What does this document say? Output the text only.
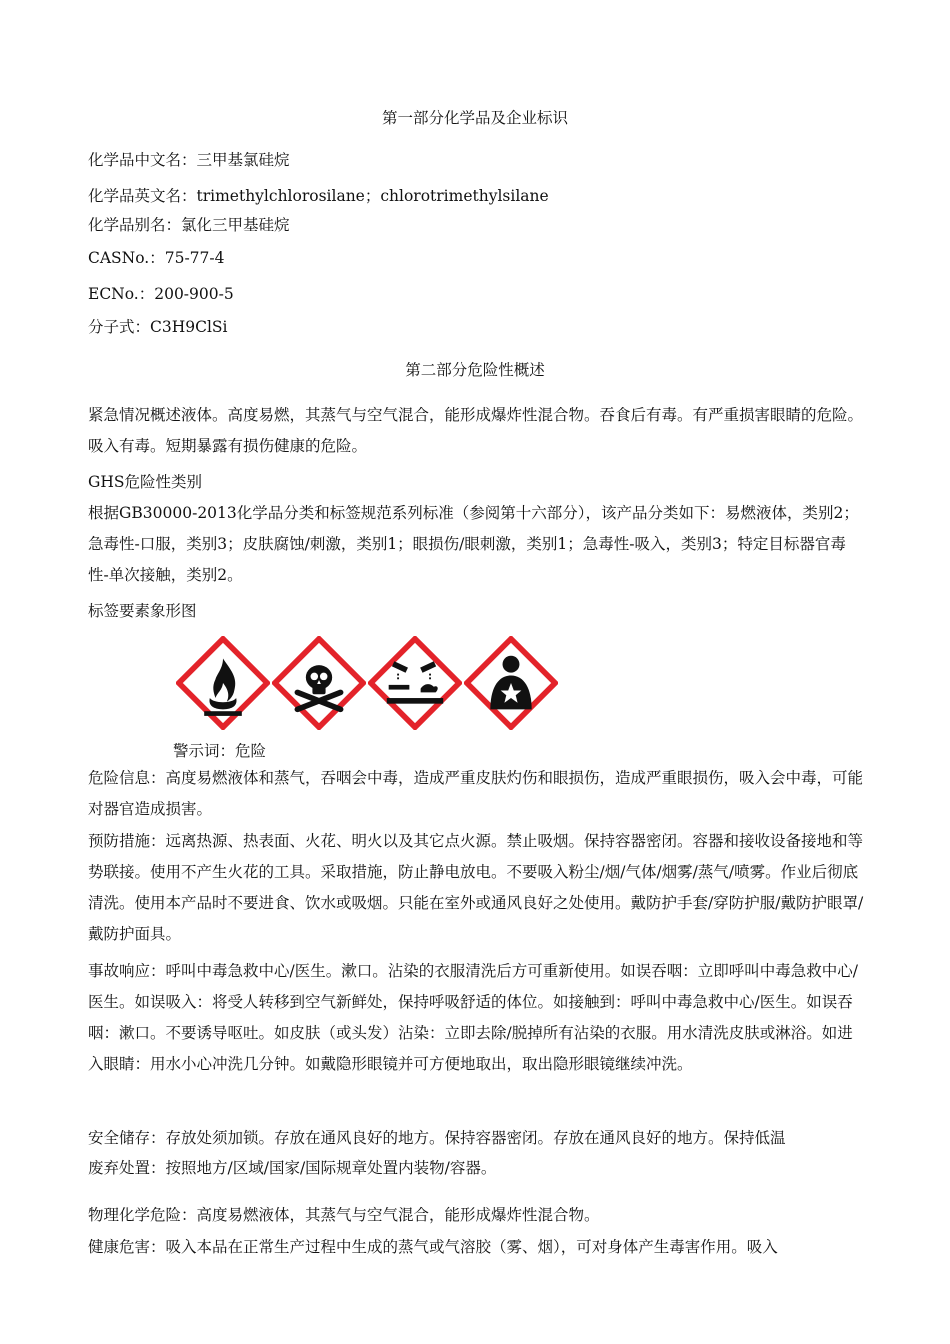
第一部分化学品及企业标识
化学品中文名：三甲基氯硅烷
化学品英文名：trimethylchlorosilane；chlorotrimethylsilane
化学品别名：氯化三甲基硅烷
CASNo.：75-77-4
ECNo.：200-900-5
分子式：C3H9ClSi
第二部分危险性概述
紧急情况概述液体。高度易燃，其蒸气与空气混合，能形成爆炸性混合物。吞食后有毒。有严重损害眼睛的危险。吸入有毒。短期暴露有损伤健康的危险。
GHS危险性类别
根据GB30000-2013化学品分类和标签规范系列标准（参阅第十六部分），该产品分类如下：易燃液体，类别2；急毒性-口服，类别3；皮肤腐蚀/刺激，类别1；眼损伤/眼刺激，类别1；急毒性-吸入，类别3；特定目标器官毒性-单次接触，类别2。
标签要素象形图
警示词：危险
危险信息：高度易燃液体和蒸气，吞咽会中毒，造成严重皮肤灼伤和眼损伤，造成严重眼损伤，吸入会中毒，可能对器官造成损害。
预防措施：远离热源、热表面、火花、明火以及其它点火源。禁止吸烟。保持容器密闭。容器和接收设备接地和等势联接。使用不产生火花的工具。采取措施，防止静电放电。不要吸入粉尘/烟/气体/烟雾/蒸气/喷雾。作业后彻底清洗。使用本产品时不要进食、饮水或吸烟。只能在室外或通风良好之处使用。戴防护手套/穿防护服/戴防护眼罩/戴防护面具。
事故响应：呼叫中毒急救中心/医生。漱口。沾染的衣服清洗后方可重新使用。如误吞咽：立即呼叫中毒急救中心/医生。如误吸入：将受人转移到空气新鲜处，保持呼吸舒适的体位。如接触到：呼叫中毒急救中心/医生。如误吞咽：漱口。不要诱导呕吐。如皮肤（或头发）沾染：立即去除/脱掉所有沾染的衣服。用水清洗皮肤或淋浴。如进入眼睛：用水小心冲洗几分钟。如戴隐形眼镜并可方便地取出，取出隐形眼镜继续冲洗。
安全储存：存放处须加锁。存放在通风良好的地方。保持容器密闭。存放在通风良好的地方。保持低温
废弃处置：按照地方/区域/国家/国际规章处置内装物/容器。
物理化学危险：高度易燃液体，其蒸气与空气混合，能形成爆炸性混合物。
健康危害：吸入本品在正常生产过程中生成的蒸气或气溶胶（雾、烟），可对身体产生毒害作用。吸入
